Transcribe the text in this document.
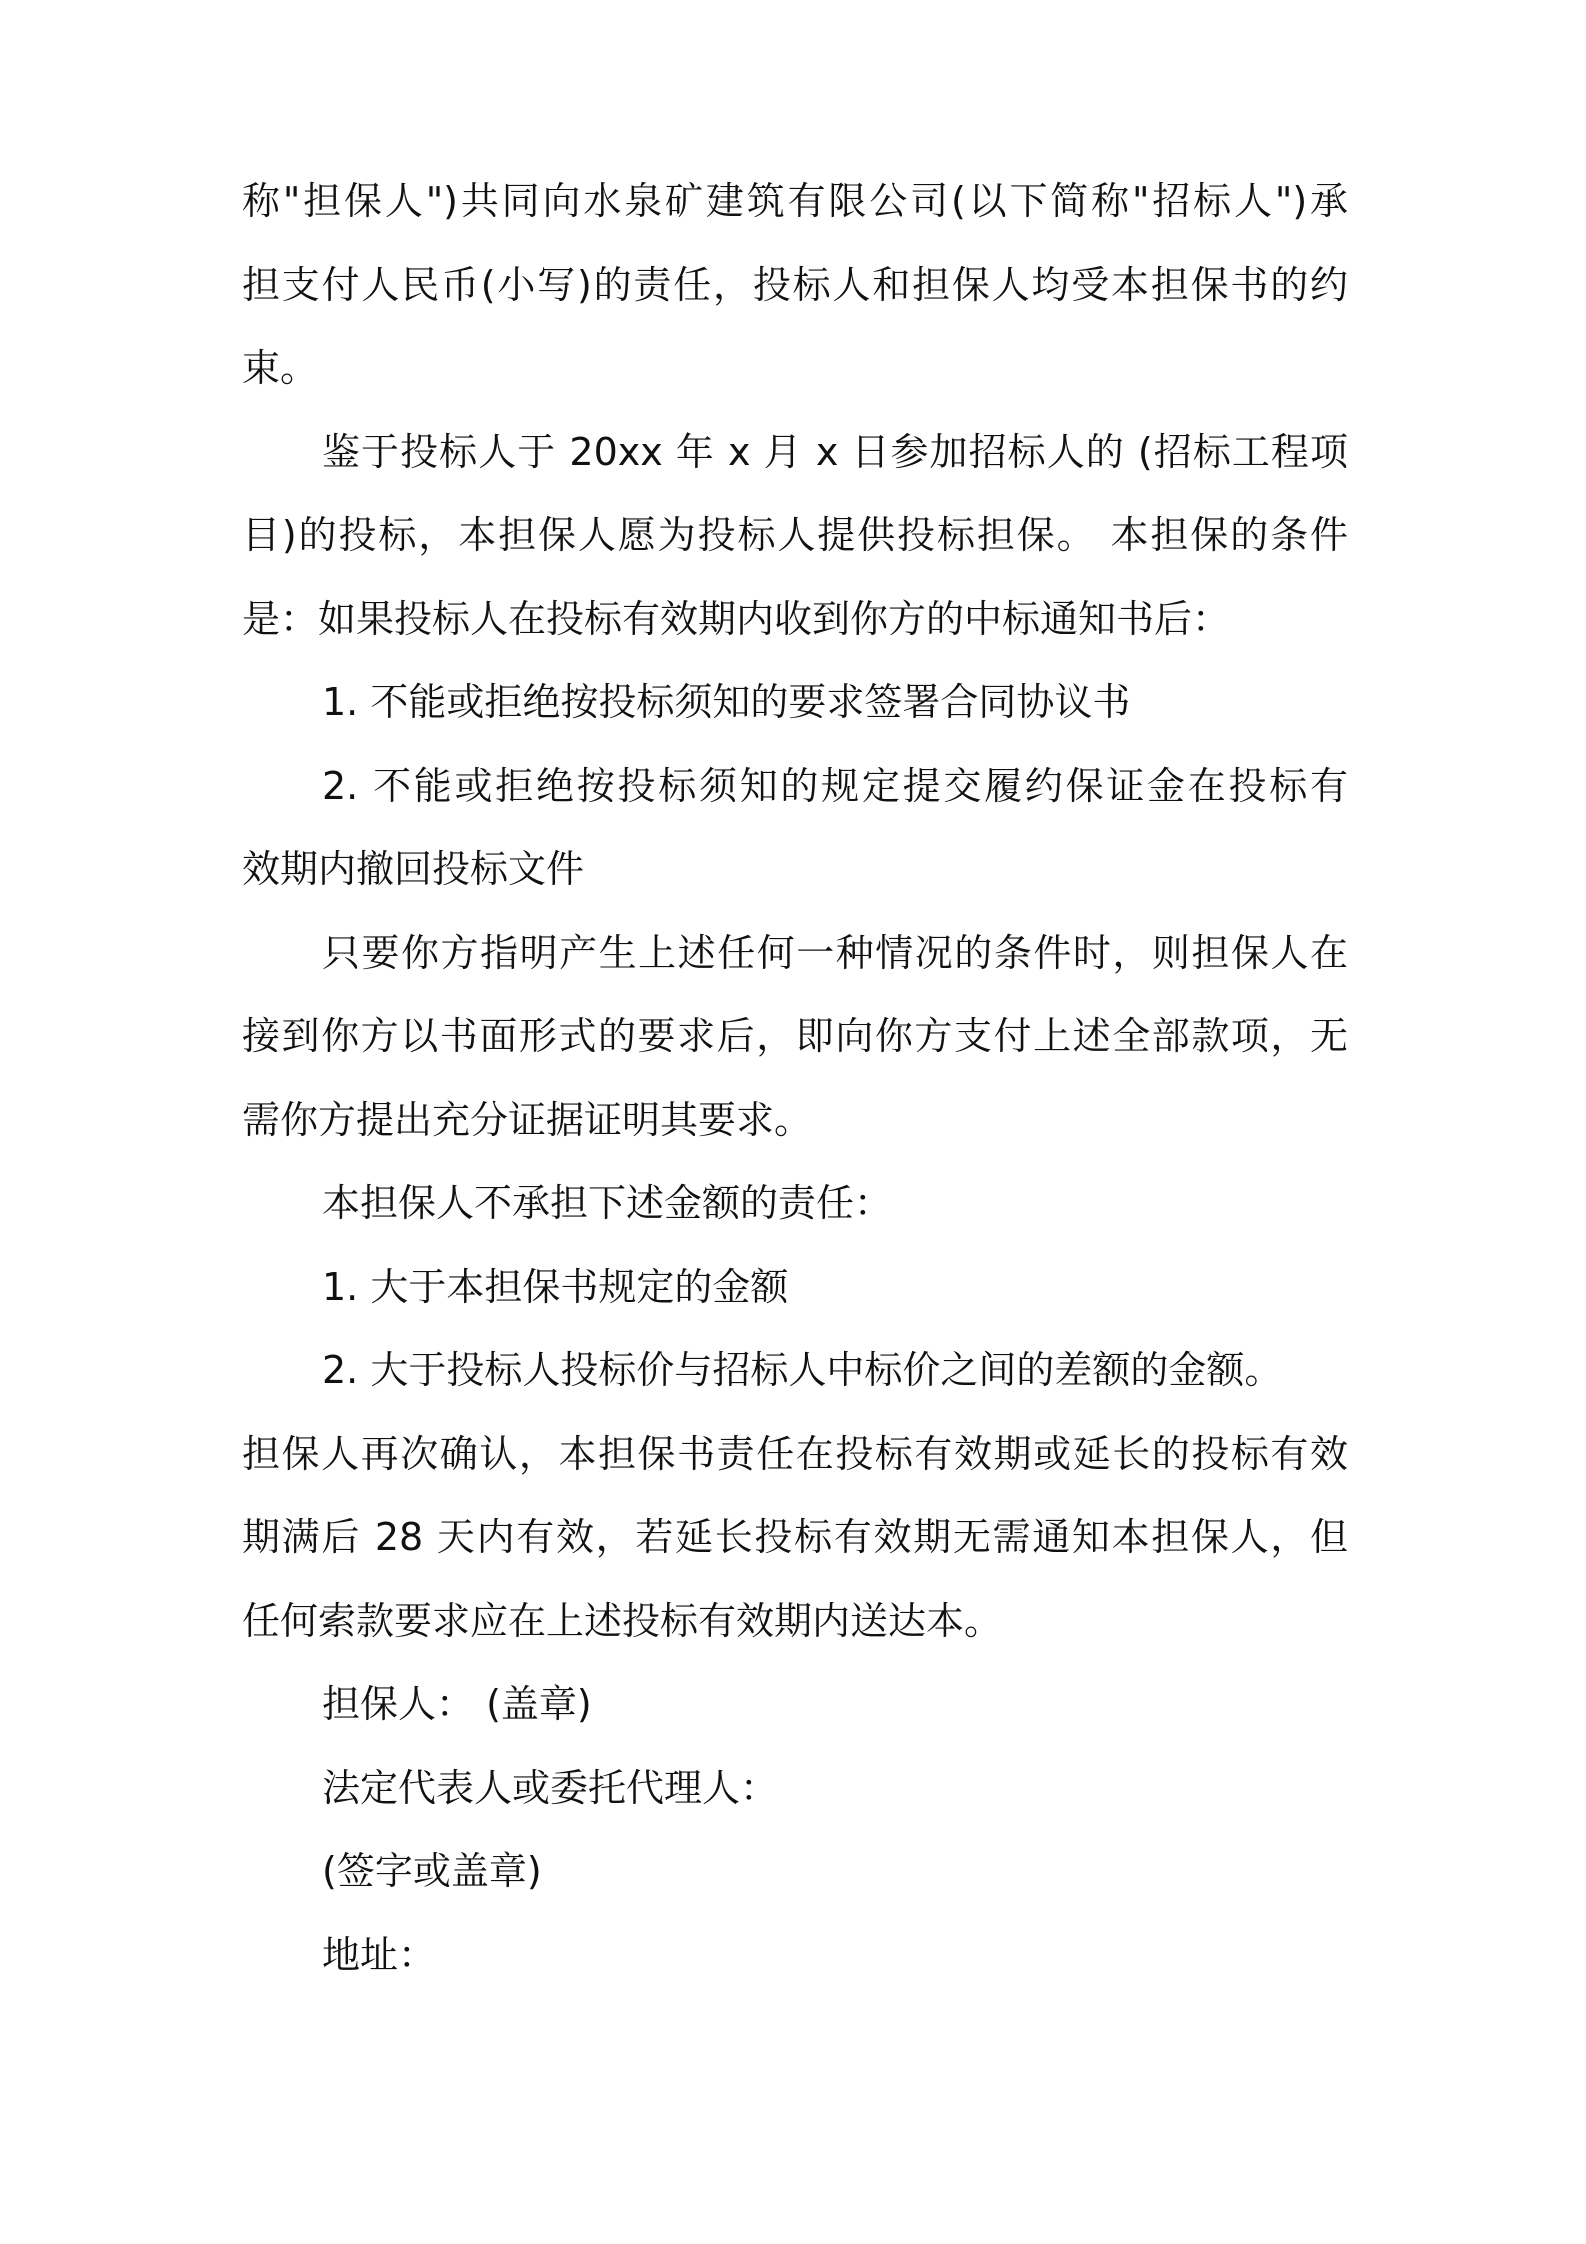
称"担保人")共同向水泉矿建筑有限公司(以下简称"招标人")承
担支付人民币(小写)的责任，投标人和担保人均受本担保书的约
束。
鉴于投标人于 20xx 年 x 月 x 日参加招标人的 (招标工程项
目)的投标，本担保人愿为投标人提供投标担保。 本担保的条件
是：如果投标人在投标有效期内收到你方的中标通知书后：
1. 不能或拒绝按投标须知的要求签署合同协议书
2. 不能或拒绝按投标须知的规定提交履约保证金在投标有
效期内撤回投标文件
只要你方指明产生上述任何一种情况的条件时，则担保人在
接到你方以书面形式的要求后，即向你方支付上述全部款项，无
需你方提出充分证据证明其要求。
本担保人不承担下述金额的责任：
1. 大于本担保书规定的金额
2. 大于投标人投标价与招标人中标价之间的差额的金额。
担保人再次确认，本担保书责任在投标有效期或延长的投标有效
期满后 28 天内有效，若延长投标有效期无需通知本担保人，但
任何索款要求应在上述投标有效期内送达本。
担保人： (盖章)
法定代表人或委托代理人：
(签字或盖章)
地址：
